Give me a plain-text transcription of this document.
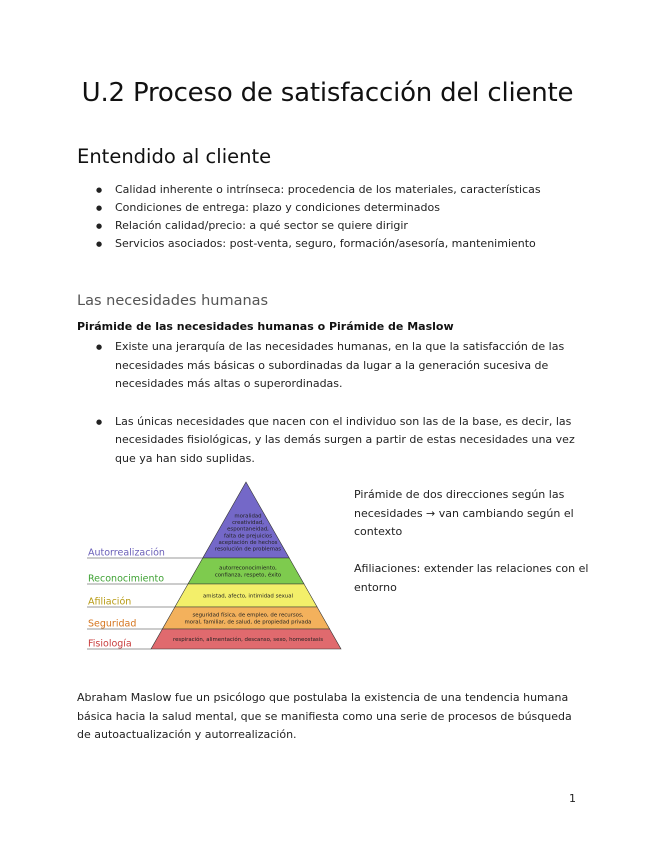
U.2 Proceso de satisfacción del cliente
Entendido al cliente
● Calidad inherente o intrínseca: procedencia de los materiales, características
● Condiciones de entrega: plazo y condiciones determinados
● Relación calidad/precio: a qué sector se quiere dirigir
● Servicios asociados: post-venta, seguro, formación/asesoría, mantenimiento
Las necesidades humanas

Pirámide de las necesidades humanas o Pirámide de Maslow

● Existe una jerarquía de las necesidades humanas, en la que la satisfacción de las necesidades más básicas o subordinadas da lugar a la generación sucesiva de necesidades más altas o superordinadas.
● Las únicas necesidades que nacen con el individuo son las de la base, es decir, las necesidades fisiológicas, y las demás surgen a partir de estas necesidades una vez que ya han sido suplidas.
moralidad
creatividad,
espontaneidad,
falta de prejuicios
aceptación de hechos
resolución de problemas
Autorrealización
autorreconocimiento,
confianza, respeto, éxito
Reconocimiento
amistad, afecto, intimidad sexual
Afiliación
seguridad física, de empleo, de recursos,
moral, familiar, de salud, de propiedad privada
Seguridad
respiración, alimentación, descanso, sexo, homeostasis
Fisiología

Pirámide de dos direcciones según las necesidades → van cambiando según el contexto

Afiliaciones: extender las relaciones con el entorno

Abraham Maslow fue un psicólogo que postulaba la existencia de una tendencia humana básica hacia la salud mental, que se manifiesta como una serie de procesos de búsqueda de autoactualización y autorrealización.

1
